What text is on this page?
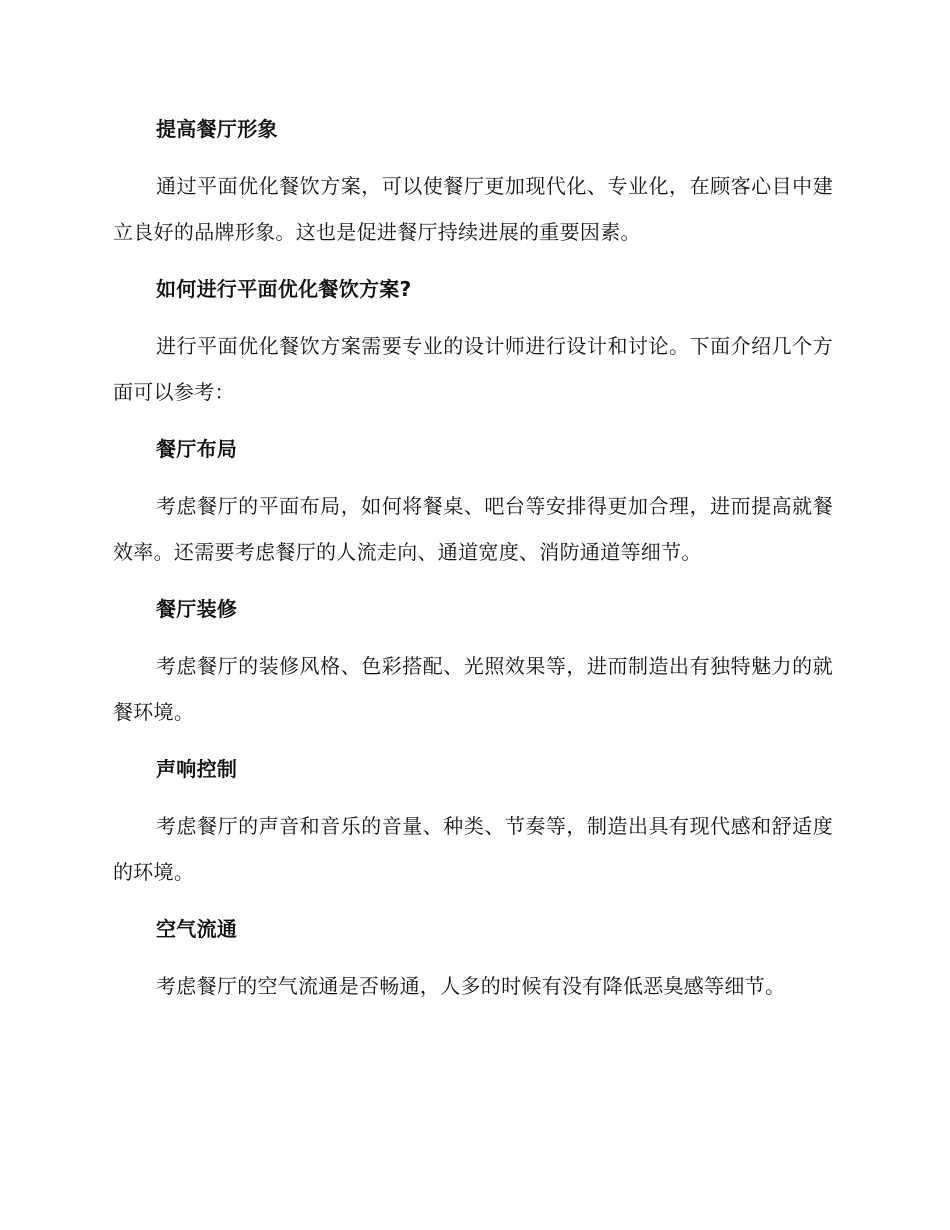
提高餐厅形象

通过平面优化餐饮方案，可以使餐厅更加现代化、专业化，在顾客心目中建立良好的品牌形象。这也是促进餐厅持续进展的重要因素。

如何进行平面优化餐饮方案?

进行平面优化餐饮方案需要专业的设计师进行设计和讨论。下面介绍几个方面可以参考：

餐厅布局

考虑餐厅的平面布局，如何将餐桌、吧台等安排得更加合理，进而提高就餐效率。还需要考虑餐厅的人流走向、通道宽度、消防通道等细节。

餐厅装修

考虑餐厅的装修风格、色彩搭配、光照效果等，进而制造出有独特魅力的就餐环境。

声响控制

考虑餐厅的声音和音乐的音量、种类、节奏等，制造出具有现代感和舒适度的环境。

空气流通

考虑餐厅的空气流通是否畅通，人多的时候有没有降低恶臭感等细节。
